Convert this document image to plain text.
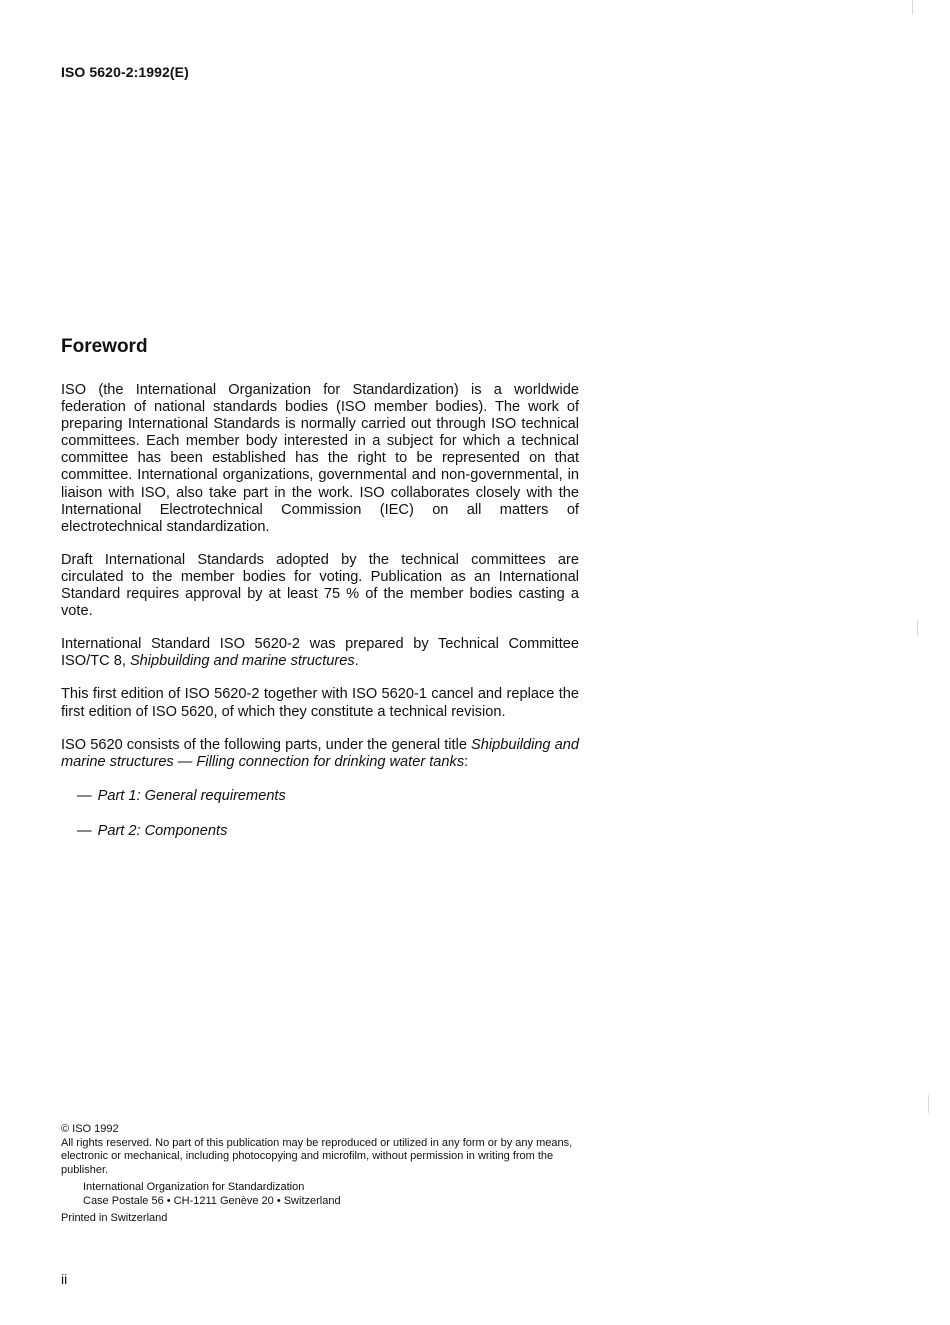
ISO 5620-2:1992(E)
Foreword

ISO (the International Organization for Standardization) is a worldwide federation of national standards bodies (ISO member bodies). The work of preparing International Standards is normally carried out through ISO technical committees. Each member body interested in a subject for which a technical committee has been established has the right to be represented on that committee. International organizations, governmental and non-governmental, in liaison with ISO, also take part in the work. ISO collaborates closely with the International Electrotechnical Commission (IEC) on all matters of electrotechnical standardization.

Draft International Standards adopted by the technical committees are circulated to the member bodies for voting. Publication as an International Standard requires approval by at least 75 % of the member bodies casting a vote.

International Standard ISO 5620-2 was prepared by Technical Committee ISO/TC 8, Shipbuilding and marine structures.

This first edition of ISO 5620-2 together with ISO 5620-1 cancel and replace the first edition of ISO 5620, of which they constitute a technical revision.

ISO 5620 consists of the following parts, under the general title Shipbuilding and marine structures — Filling connection for drinking water tanks:

— Part 1: General requirements
— Part 2: Components

© ISO 1992

All rights reserved. No part of this publication may be reproduced or utilized in any form or by any means, electronic or mechanical, including photocopying and microfilm, without permission in writing from the publisher.

International Organization for Standardization

Case Postale 56 • CH-1211 Genève 20 • Switzerland

Printed in Switzerland

ii
